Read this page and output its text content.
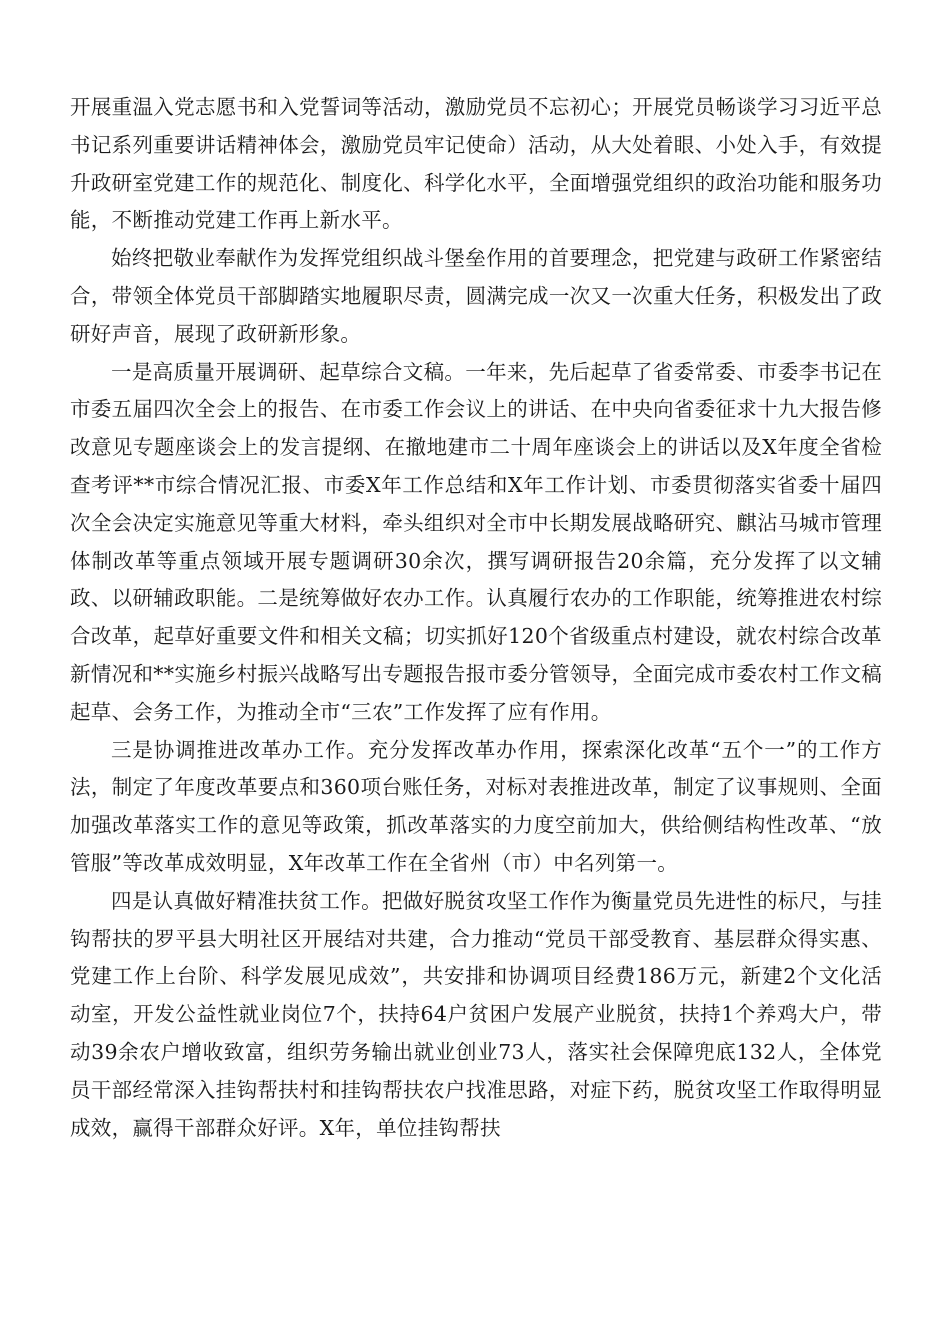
开展重温入党志愿书和入党誓词等活动，激励党员不忘初心；开展党员畅谈学习习近平总书记系列重要讲话精神体会，激励党员牢记使命）活动，从大处着眼、小处入手，有效提升政研室党建工作的规范化、制度化、科学化水平，全面增强党组织的政治功能和服务功能，不断推动党建工作再上新水平。

始终把敬业奉献作为发挥党组织战斗堡垒作用的首要理念，把党建与政研工作紧密结合，带领全体党员干部脚踏实地履职尽责，圆满完成一次又一次重大任务，积极发出了政研好声音，展现了政研新形象。

一是高质量开展调研、起草综合文稿。一年来，先后起草了省委常委、市委李书记在市委五届四次全会上的报告、在市委工作会议上的讲话、在中央向省委征求十九大报告修改意见专题座谈会上的发言提纲、在撤地建市二十周年座谈会上的讲话以及X年度全省检查考评**市综合情况汇报、市委X年工作总结和X年工作计划、市委贯彻落实省委十届四次全会决定实施意见等重大材料，牵头组织对全市中长期发展战略研究、麒沾马城市管理体制改革等重点领域开展专题调研30余次，撰写调研报告20余篇，充分发挥了以文辅政、以研辅政职能。二是统筹做好农办工作。认真履行农办的工作职能，统筹推进农村综合改革，起草好重要文件和相关文稿；切实抓好120个省级重点村建设，就农村综合改革新情况和**实施乡村振兴战略写出专题报告报市委分管领导，全面完成市委农村工作文稿起草、会务工作，为推动全市“三农”工作发挥了应有作用。

三是协调推进改革办工作。充分发挥改革办作用，探索深化改革“五个一”的工作方法，制定了年度改革要点和360项台账任务，对标对表推进改革，制定了议事规则、全面加强改革落实工作的意见等政策，抓改革落实的力度空前加大，供给侧结构性改革、“放管服”等改革成效明显，X年改革工作在全省州（市）中名列第一。

四是认真做好精准扶贫工作。把做好脱贫攻坚工作作为衡量党员先进性的标尺，与挂钩帮扶的罗平县大明社区开展结对共建，合力推动“党员干部受教育、基层群众得实惠、党建工作上台阶、科学发展见成效”，共安排和协调项目经费186万元，新建2个文化活动室，开发公益性就业岗位7个，扶持64户贫困户发展产业脱贫，扶持1个养鸡大户，带动39余农户增收致富，组织劳务输出就业创业73人，落实社会保障兜底132人，全体党员干部经常深入挂钩帮扶村和挂钩帮扶农户找准思路，对症下药，脱贫攻坚工作取得明显成效，赢得干部群众好评。X年，单位挂钩帮扶
